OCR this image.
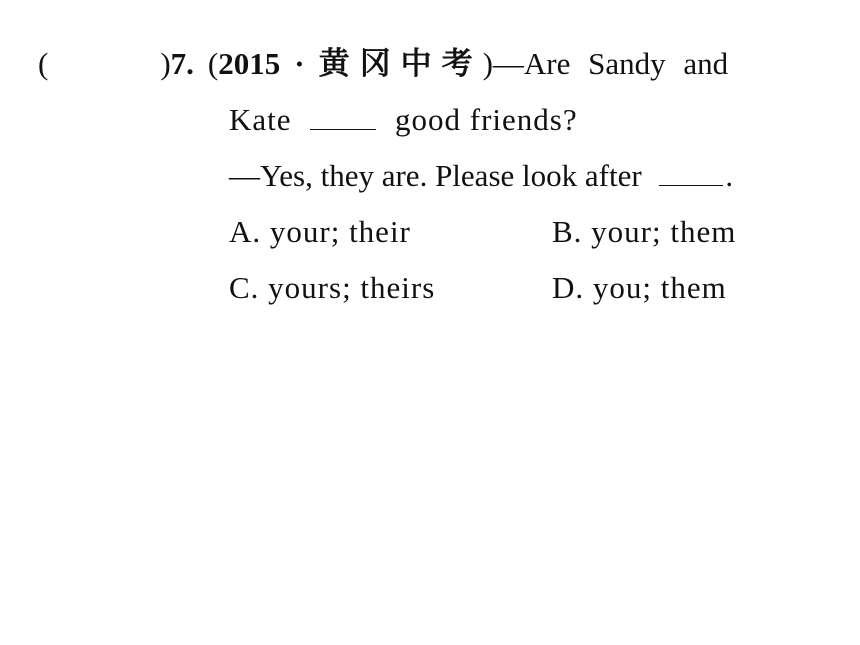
(	)7. (2015 · 黄冈中考)—Are Sandy and
Kate	good friends?
—Yes, they are. Please look after	.
A. your; their	B. your; them
C. yours; theirs	D. you; them
